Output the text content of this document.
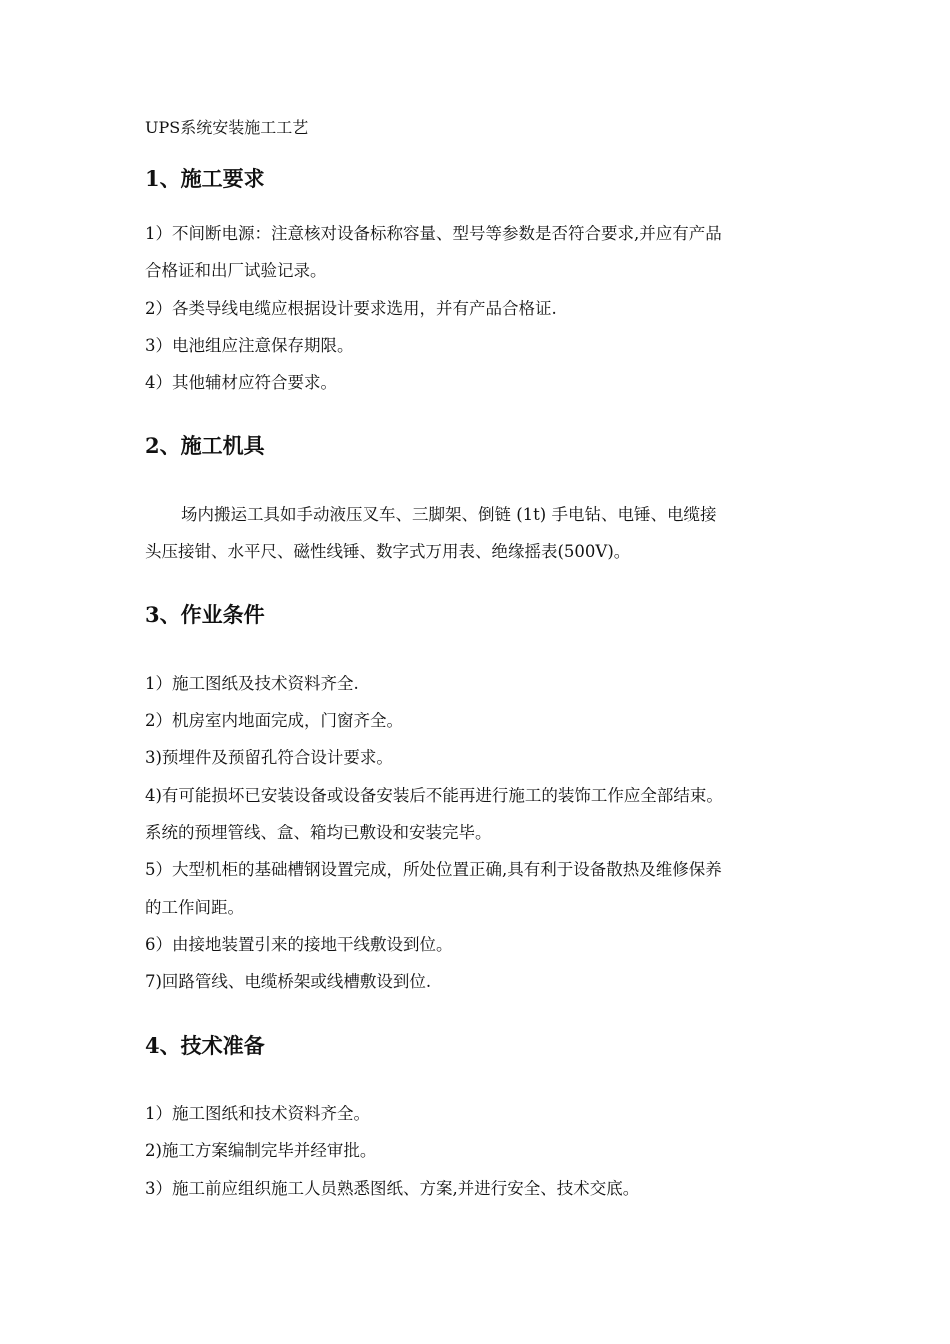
UPS系统安装施工工艺
1、施工要求
1）不间断电源：注意核对设备标称容量、型号等参数是否符合要求,并应有产品
合格证和出厂试验记录。
2）各类导线电缆应根据设计要求选用，并有产品合格证.
3）电池组应注意保存期限。
4）其他辅材应符合要求。
2、施工机具
场内搬运工具如手动液压叉车、三脚架、倒链 (1t) 手电钻、电锤、电缆接
头压接钳、水平尺、磁性线锤、数字式万用表、绝缘摇表(500V)。
3、作业条件
1）施工图纸及技术资料齐全.
2）机房室内地面完成，门窗齐全。
3)预埋件及预留孔符合设计要求。
4)有可能损坏已安装设备或设备安装后不能再进行施工的装饰工作应全部结束。
系统的预埋管线、盒、箱均已敷设和安装完毕。
5）大型机柜的基础槽钢设置完成，所处位置正确,具有利于设备散热及维修保养
的工作间距。
6）由接地装置引来的接地干线敷设到位。
7)回路管线、电缆桥架或线槽敷设到位.
4、技术准备
1）施工图纸和技术资料齐全。
2)施工方案编制完毕并经审批。
3）施工前应组织施工人员熟悉图纸、方案,并进行安全、技术交底。
